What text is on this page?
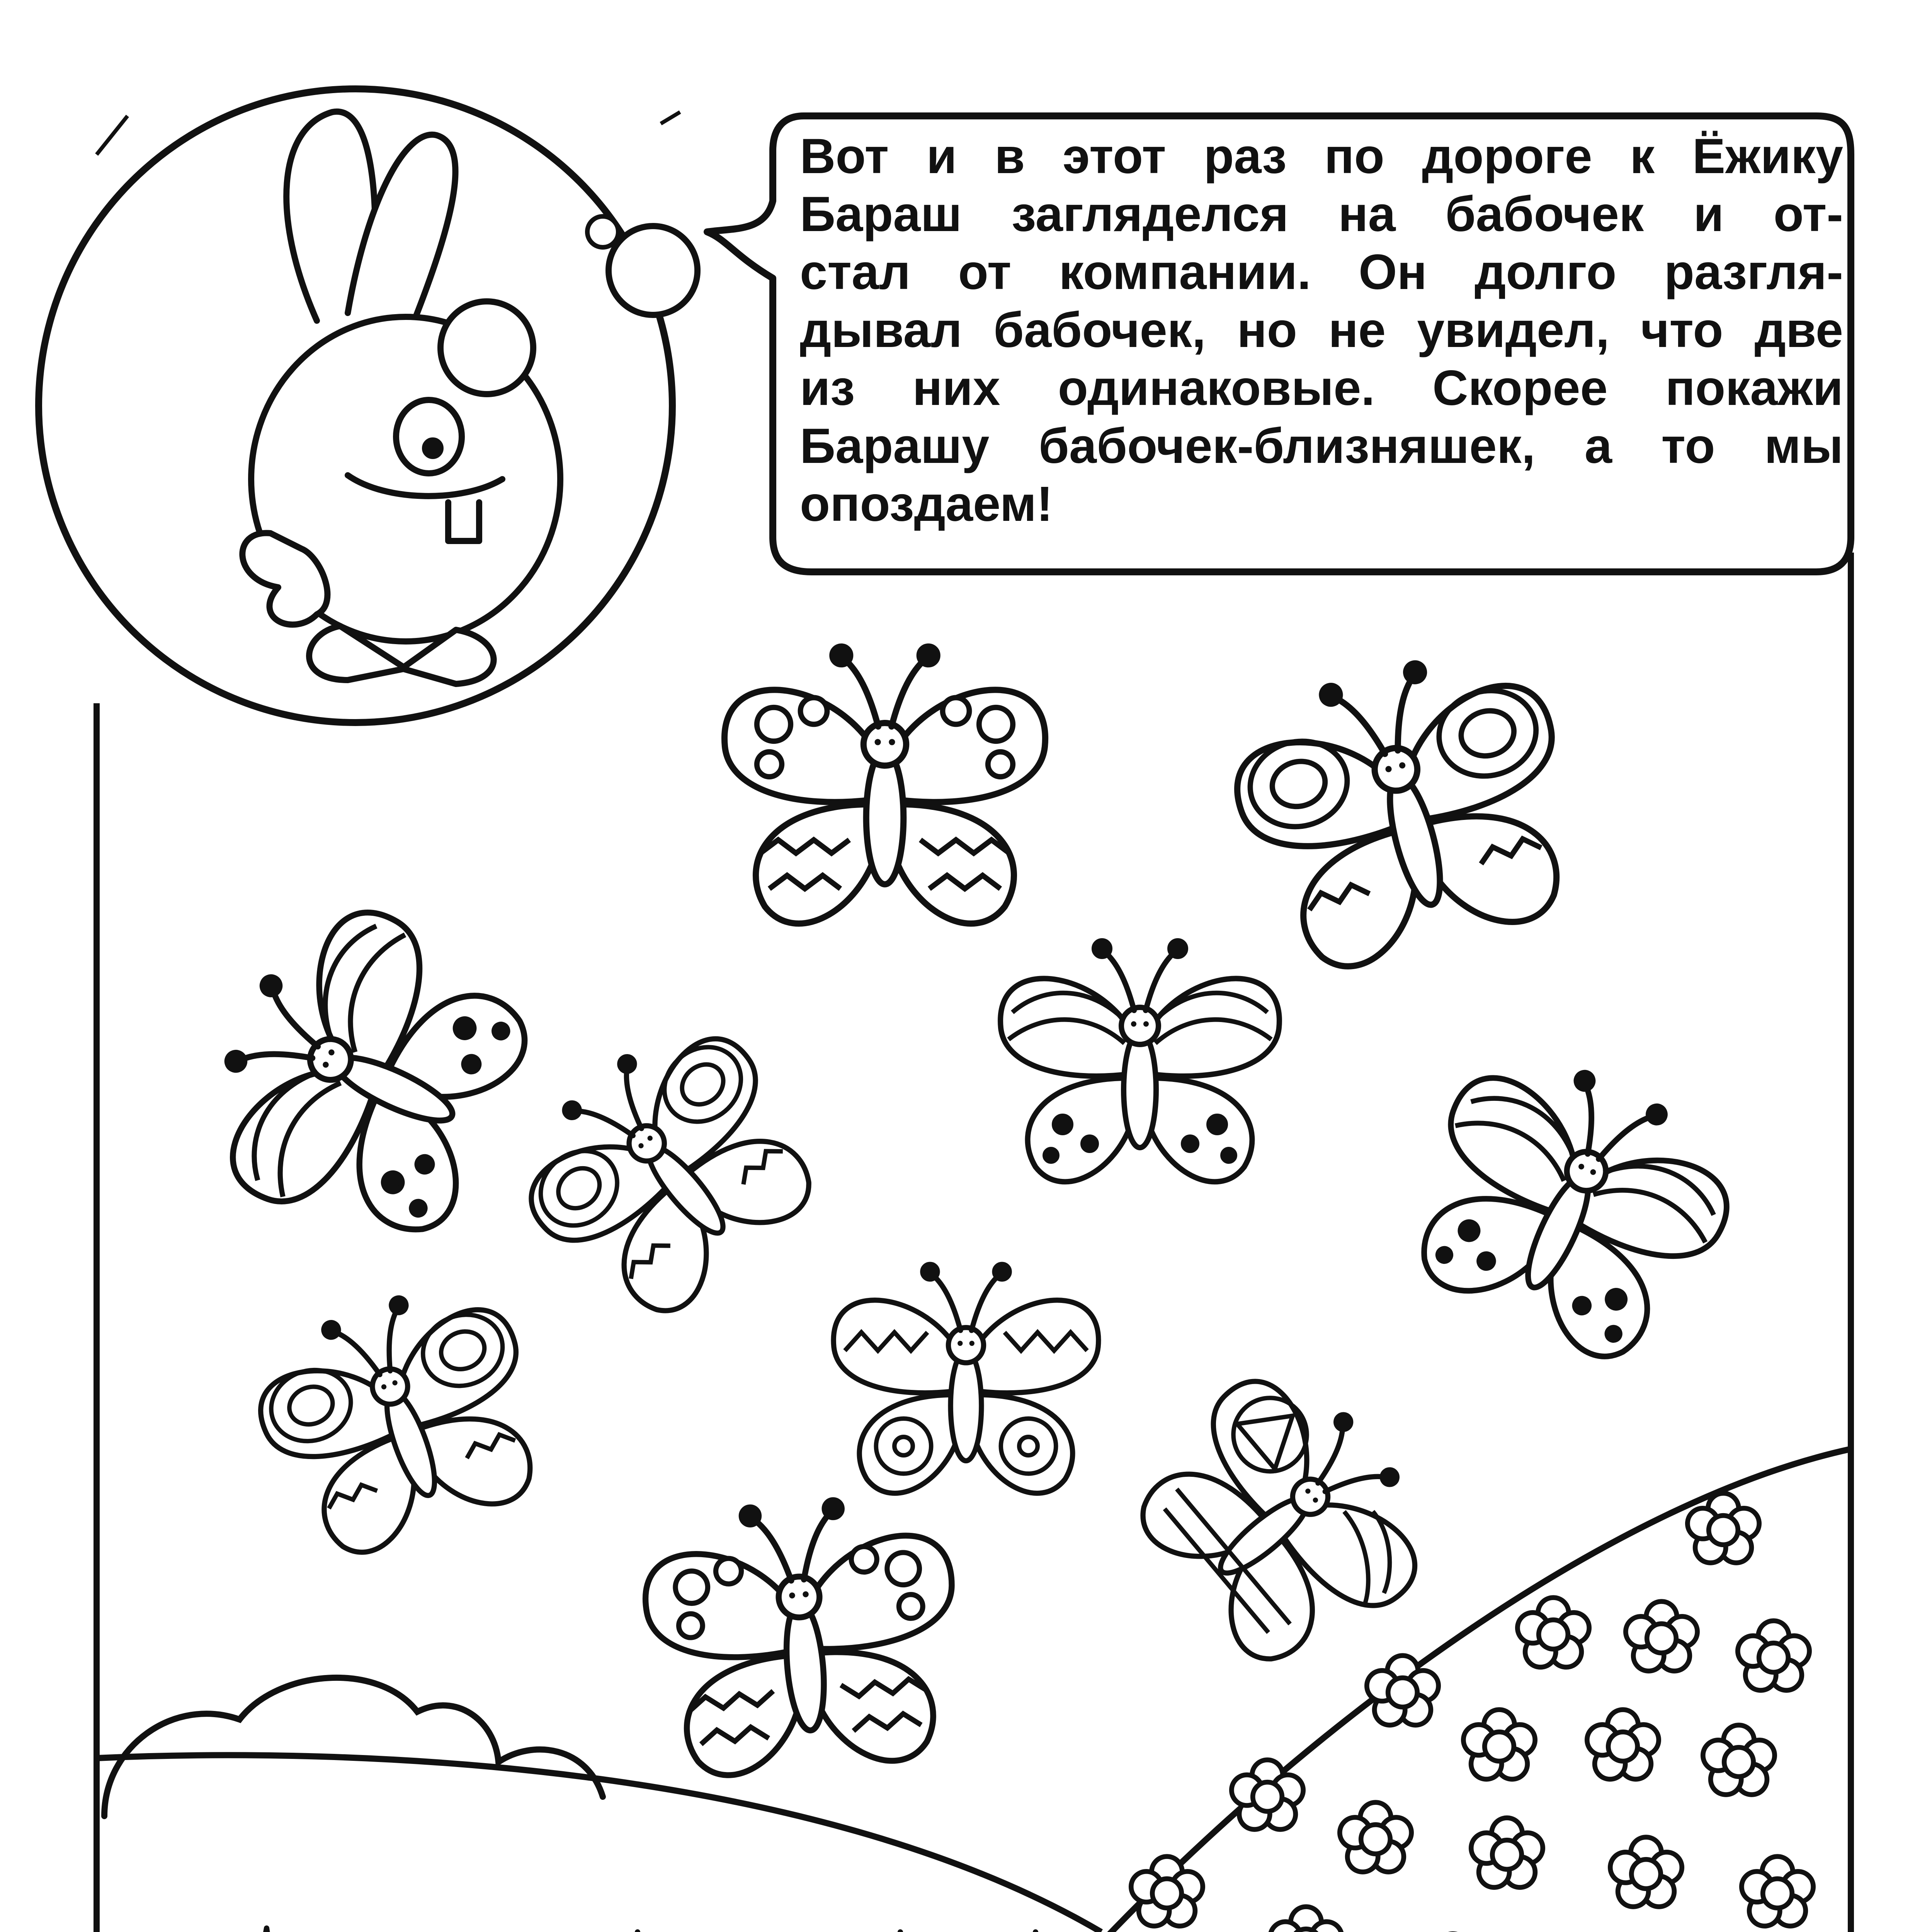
Вот и в этот раз по дороге к Ёжику
Бараш загляделся на бабочек и от-
стал от компании. Он долго разгля-
дывал бабочек, но не увидел, что две
из них одинаковые. Скорее покажи
Барашу бабочек-близняшек, а то мы
опоздаем!
